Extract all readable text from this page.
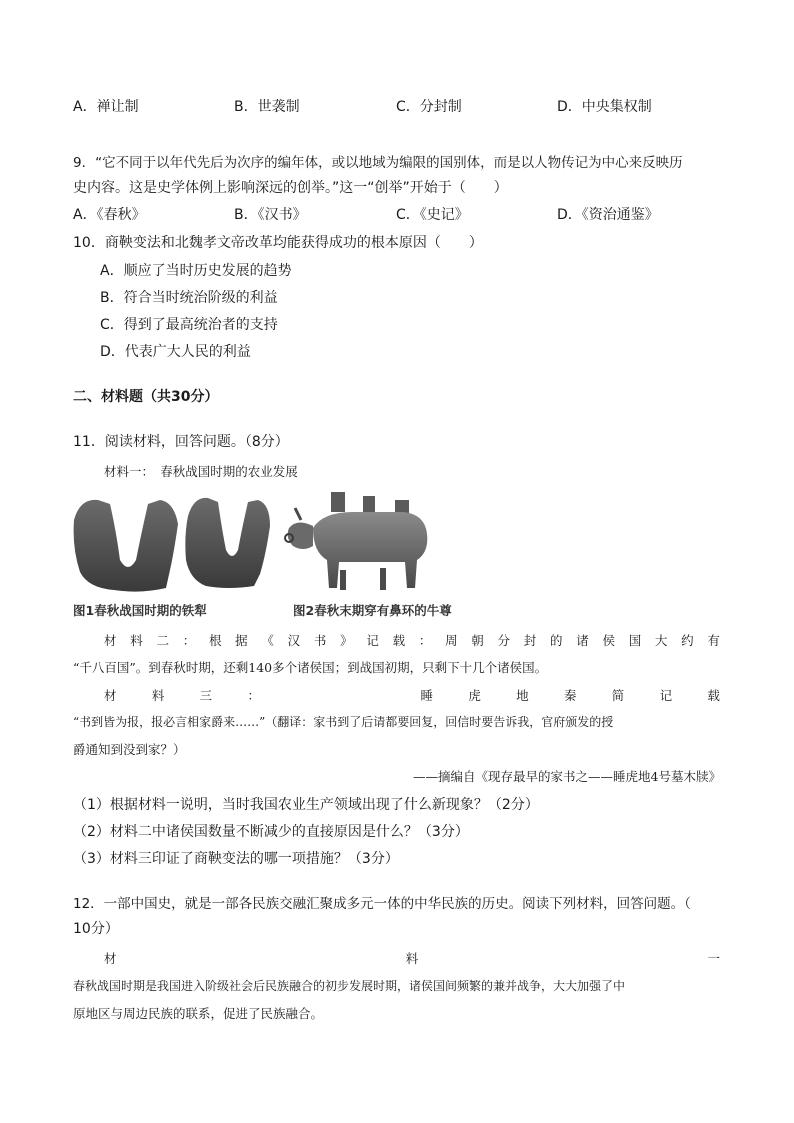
A．禅让制	B．世袭制	C．分封制	D．中央集权制
9．“它不同于以年代先后为次序的编年体，或以地域为编限的国别体，而是以人物传记为中心来反映历
史内容。这是史学体例上影响深远的创举。”这一“创举”开始于（　　）
A．《春秋》	B．《汉书》	C．《史记》	D．《资治通鉴》
10．商鞅变法和北魏孝文帝改革均能获得成功的根本原因（　　）
A．顺应了当时历史发展的趋势
B．符合当时统治阶级的利益
C．得到了最高统治者的支持
D．代表广大人民的利益
二、材料题（共30分）
11．阅读材料，回答问题。（8分）
材料一：　春秋战国时期的农业发展
图1春秋战国时期的铁犁	图2春秋末期穿有鼻环的牛尊
材 料 二 ： 根 据 《 汉 书 》 记 载 ： 周 朝 分 封 的 诸 侯 国 大 约 有
“千八百国”。到春秋时期，还剩140多个诸侯国；到战国初期，只剩下十几个诸侯国。
材	料	三	：	睡	虎	地	秦	简	记	载
“书到皆为报，报必言相家爵来……”（翻译：家书到了后请都要回复，回信时要告诉我，官府颁发的授
爵通知到没到家？）
——摘编自《现存最早的家书之——睡虎地4号墓木牍》
（1）根据材料一说明，当时我国农业生产领域出现了什么新现象？（2分）
（2）材料二中诸侯国数量不断减少的直接原因是什么？（3分）
（3）材料三印证了商鞅变法的哪一项措施？（3分）
12．一部中国史，就是一部各民族交融汇聚成多元一体的中华民族的历史。阅读下列材料，回答问题。（
10分）
材	料	一
春秋战国时期是我国进入阶级社会后民族融合的初步发展时期，诸侯国间频繁的兼并战争，大大加强了中
原地区与周边民族的联系，促进了民族融合。
